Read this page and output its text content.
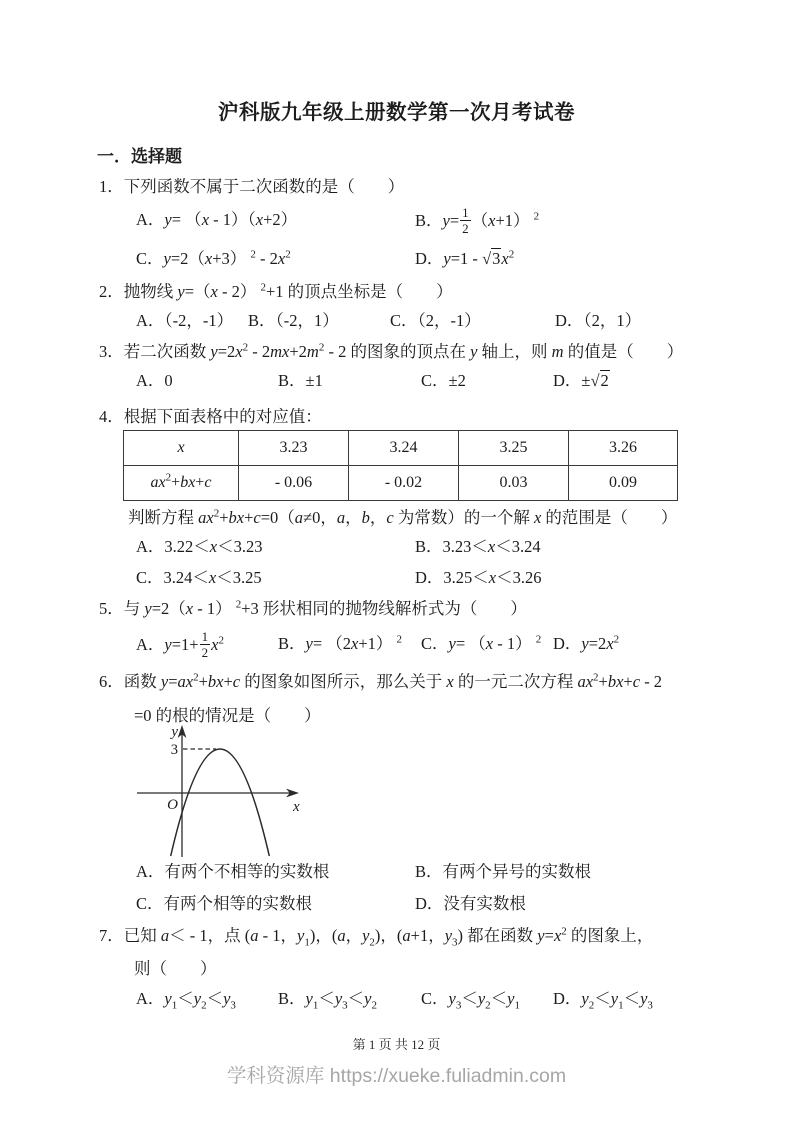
沪科版九年级上册数学第一次月考试卷
一．选择题
1．下列函数不属于二次函数的是（　　）
A．y= （x - 1）（x+2）	B．$y= \frac{1}{2} (x+1)$ $^2$
C．y=2（x+3） $^2 - 2x^2$	D．$y=1 - √3x^2$
2．抛物线 y=（x - 2） $^2$+1 的顶点坐标是（　　）
A．（-2，-1） B．（-2，1）	C．（2，-1）	D．（2，1）
3．若二次函数 $y=2x^2 - 2mx+2m^2 - 2$ 的图象的顶点在 y 轴上，则 m 的值是（　　）
A．0	B．±1	C．±2	D．±√2
4．根据下面表格中的对应值：
x	3.23	3.24	3.25	3.26
$ax^2+bx+c$	- 0.06	- 0.02	0.03	0.09
判断方程 $ax^2+bx+c=0(a\ne 0$，a，b，c 为常数）的一个解 x 的范围是（　　）
A．3.22＜x＜3.23	B．3.23＜x＜3.24
C．3.24＜x＜3.25	D．3.25＜x＜3.26
5．与 y=2（x - 1） $^2$+3 形状相同的抛物线解析式为（　　）
A．$y=1+ \frac{1}{2} x^2$	B．y= （2x+1） $^2$	C．y= （x - 1） $^2$ D．$y=2x^2$
6．函数 $y=ax^2+bx+c$ 的图象如图所示，那么关于 x 的一元二次方程 $ax^2+bx+c - 2$
=0 的根的情况是（　　）
y
3
O	x
A．有两个不相等的实数根	B．有两个异号的实数根
C．有两个相等的实数根	D．没有实数根
7．已知 a＜ - 1，点 (a - 1，$y_1$)，(a，$y_2$)，(a+1，$y_3$) 都在函数 $y=x^2$ 的图象上，
则（　　）
A．$y_1<y_2<y_3$	B．$y_1<y_3<y_2$	C．$y_3<y_2<y_1$	D．$y_2<y_1<y_3$
第 1 页 共 12 页
学科资源库 https://xueke.fuliadmin.com
